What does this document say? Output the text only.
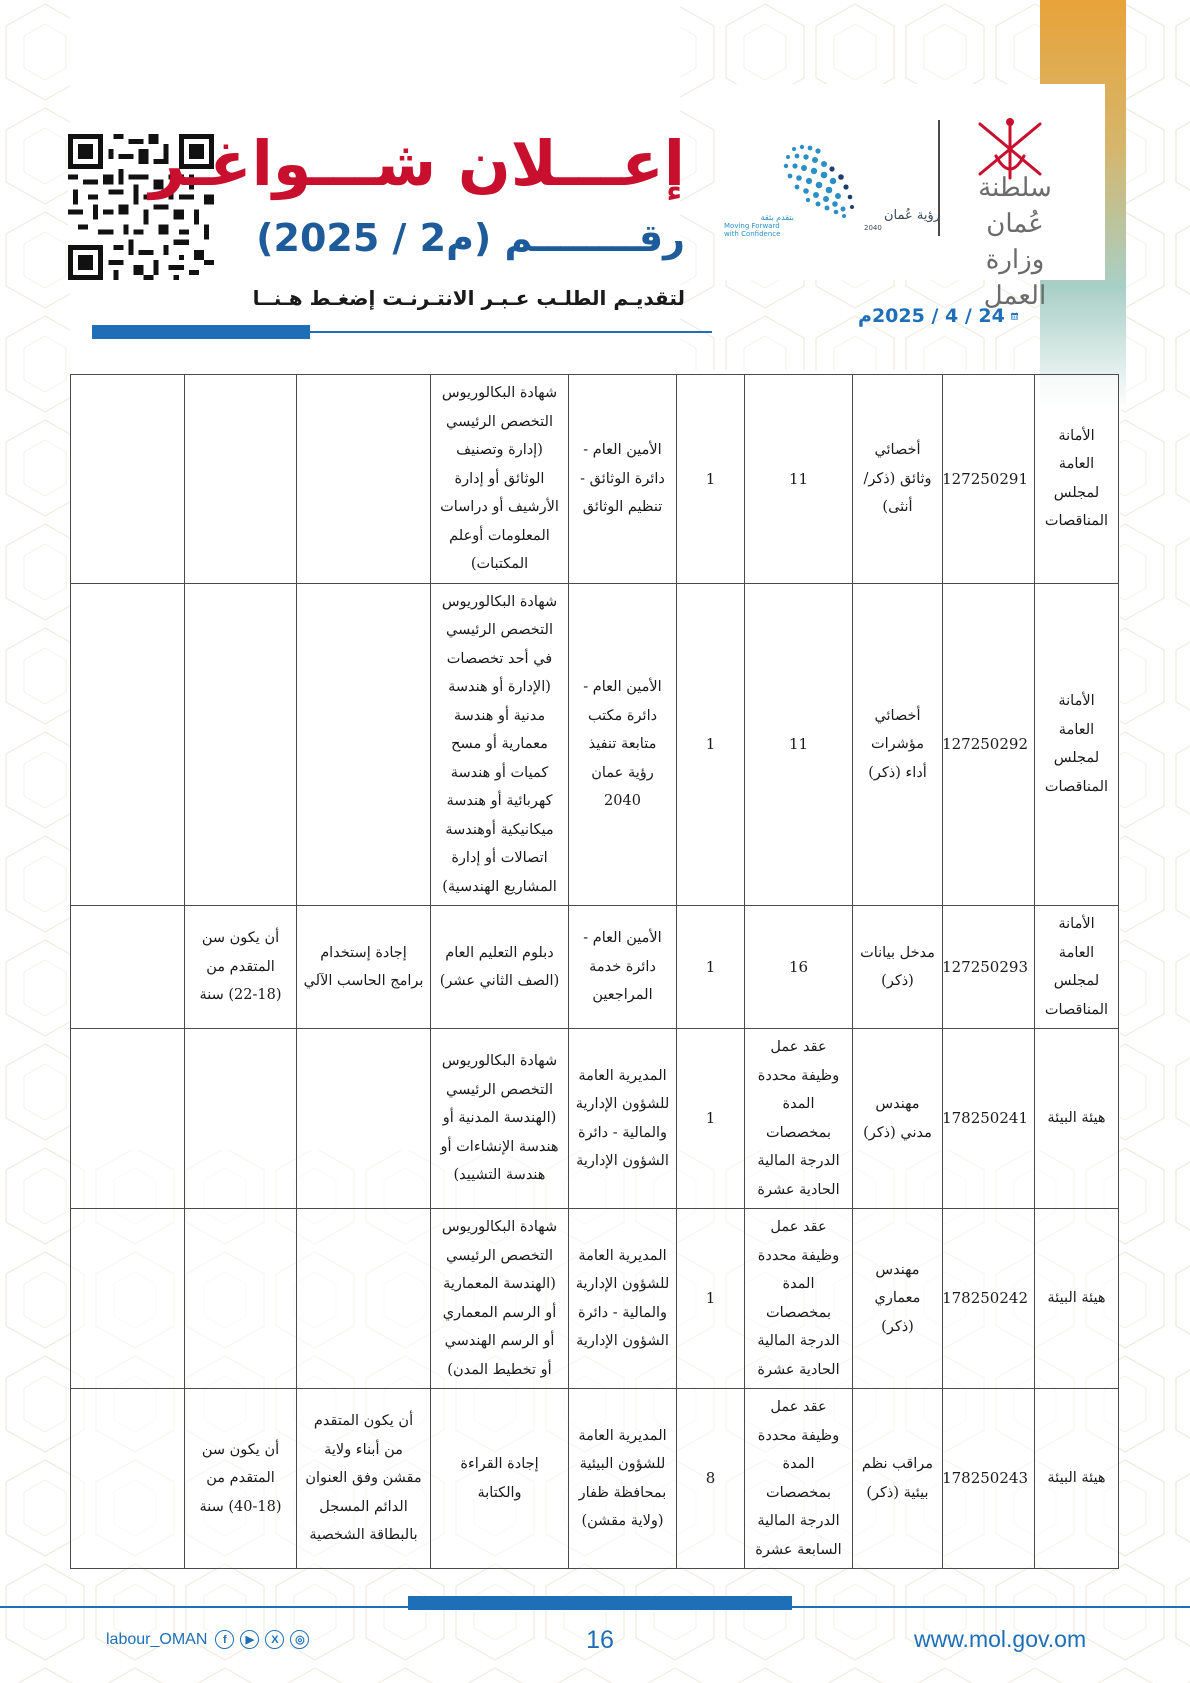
سلطنة عُمان وزارة العمل
رؤية عُمان
2040
بتقدم بثقة
Moving Forward with Confidence
إعـــلان شـــواغـر
رقــــــــم (م2 / 2025)
لتقديـم الطلـب عـبـر الانتـرنـت إضغـط هـنــا
24 / 4 / 2025م
الأمانة العامة لمجلس المناقصات	127250291	أخصائي وثائق (ذكر/ أنثى)	11	1	الأمين العام - دائرة الوثائق - تنظيم الوثائق	شهادة البكالوريوس التخصص الرئيسي (إدارة وتصنيف الوثائق أو إدارة الأرشيف أو دراسات المعلومات أوعلم المكتبات)			
الأمانة العامة لمجلس المناقصات	127250292	أخصائي مؤشرات أداء (ذكر)	11	1	الأمين العام - دائرة مكتب متابعة تنفيذ رؤية عمان 2040	شهادة البكالوريوس التخصص الرئيسي في أحد تخصصات (الإدارة أو هندسة مدنية أو هندسة معمارية أو مسح كميات أو هندسة كهربائية أو هندسة ميكانيكية أوهندسة اتصالات أو إدارة المشاريع الهندسية)			
الأمانة العامة لمجلس المناقصات	127250293	مدخل بيانات (ذكر)	16	1	الأمين العام - دائرة خدمة المراجعين	دبلوم التعليم العام (الصف الثاني عشر)	إجادة إستخدام برامج الحاسب الآلي	أن يكون سن المتقدم من (18-22) سنة	
هيئة البيئة	178250241	مهندس مدني (ذكر)	عقد عمل وظيفة محددة المدة بمخصصات الدرجة المالية الحادية عشرة	1	المديرية العامة للشؤون الإدارية والمالية - دائرة الشؤون الإدارية	شهادة البكالوريوس التخصص الرئيسي (الهندسة المدنية أو هندسة الإنشاءات أو هندسة التشييد)			
هيئة البيئة	178250242	مهندس معماري (ذكر)	عقد عمل وظيفة محددة المدة بمخصصات الدرجة المالية الحادية عشرة	1	المديرية العامة للشؤون الإدارية والمالية - دائرة الشؤون الإدارية	شهادة البكالوريوس التخصص الرئيسي (الهندسة المعمارية أو الرسم المعماري أو الرسم الهندسي أو تخطيط المدن)			
هيئة البيئة	178250243	مراقب نظم بيئية (ذكر)	عقد عمل وظيفة محددة المدة بمخصصات الدرجة المالية السابعة عشرة	8	المديرية العامة للشؤون البيئية بمحافظة ظفار (ولاية مقشن)	إجادة القراءة والكتابة	أن يكون المتقدم من أبناء ولاية مقشن وفق العنوان الدائم المسجل بالبطاقة الشخصية	أن يكون سن المتقدم من (18-40) سنة	
16	www.mol.gov.om
labour_OMAN	f	▶	X	◎
